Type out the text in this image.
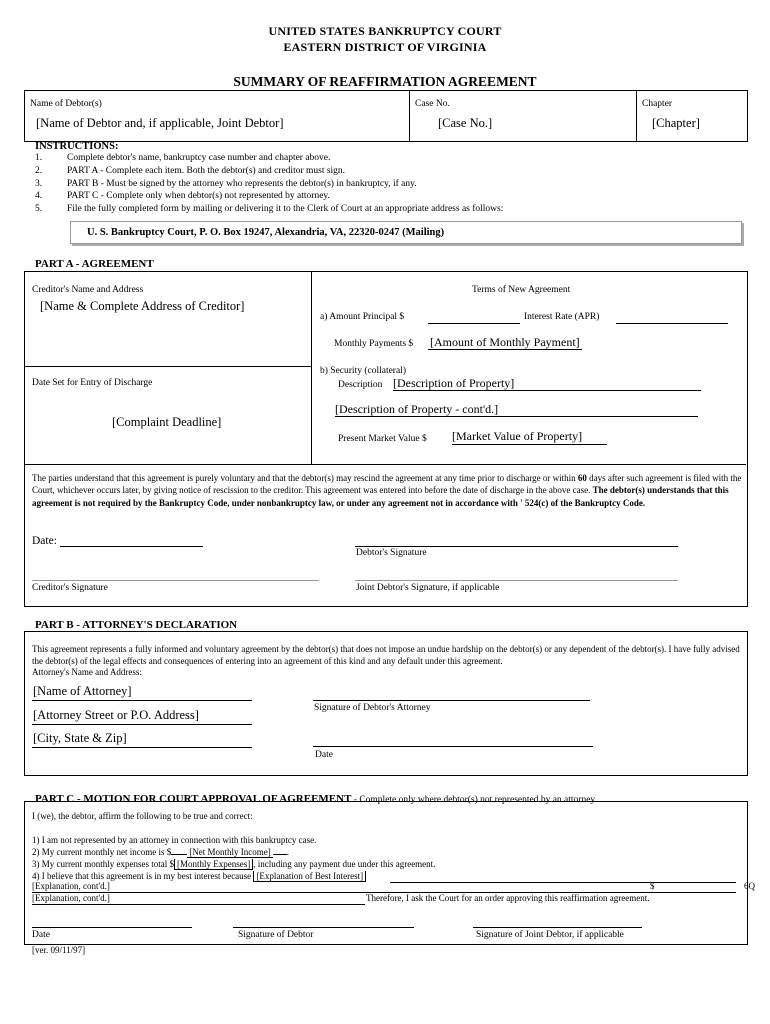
UNITED STATES BANKRUPTCY COURT
EASTERN DISTRICT OF VIRGINIA
SUMMARY OF REAFFIRMATION AGREEMENT
Name of Debtor(s)
[Name of Debtor and, if applicable, Joint Debtor]
Case No.
[Case No.]
Chapter
[Chapter]
INSTRUCTIONS:
1.	Complete debtor's name, bankruptcy case number and chapter above.
2.	PART A - Complete each item. Both the debtor(s) and creditor must sign.
3.	PART B - Must be signed by the attorney who represents the debtor(s) in bankruptcy, if any.
4.	PART C - Complete only when debtor(s) not represented by attorney.
5.	File the fully completed form by mailing or delivering it to the Clerk of Court at an appropriate address as follows:
U. S. Bankruptcy Court, P. O. Box 19247, Alexandria, VA, 22320-0247 (Mailing)
PART A - AGREEMENT
Creditor's Name and Address
[Name & Complete Address of Creditor]
Date Set for Entry of Discharge
[Complaint Deadline]
Terms of New Agreement
a) Amount Principal $	Interest Rate (APR)
Monthly Payments $ [Amount of Monthly Payment]
b) Security (collateral)
Description [Description of Property]
[Description of Property - cont'd.]
Present Market Value $ [Market Value of Property]
The parties understand that this agreement is purely voluntary and that the debtor(s) may rescind the agreement at any time prior to discharge or within 60 days after such agreement is filed with the Court, whichever occurs later, by giving notice of rescission to the creditor. This agreement was entered into before the date of discharge in the above case. The debtor(s) understands that this agreement is not required by the Bankruptcy Code, under nonbankruptcy law, or under any agreement not in accordance with ' 524(c) of the Bankruptcy Code.
Date:
Debtor's Signature
Creditor's Signature	Joint Debtor's Signature, if applicable
PART B - ATTORNEY'S DECLARATION
This agreement represents a fully informed and voluntary agreement by the debtor(s) that does not impose an undue hardship on the debtor(s) or any dependent of the debtor(s). I have fully advised the debtor(s) of the legal effects and consequences of entering into an agreement of this kind and any default under this agreement.
Attorney's Name and Address:
[Name of Attorney]
[Attorney Street or P.O. Address]
[City, State & Zip]
Signature of Debtor's Attorney
Date
PART C - MOTION FOR COURT APPROVAL OF AGREEMENT - Complete only where debtor(s) not represented by an attorney.
I (we), the debtor, affirm the following to be true and correct:
1) I am not represented by an attorney in connection with this bankruptcy case.
2) My current monthly net income is $ [Net Monthly Income] .
3) My current monthly expenses total $ [Monthly Expenses] , including any payment due under this agreement.
4) I believe that this agreement is in my best interest because [Explanation of Best Interest]
[Explanation, cont'd.]	$	6Q
[Explanation, cont'd.]	Therefore, I ask the Court for an order approving this reaffirmation agreement.
Date	Signature of Debtor	Signature of Joint Debtor, if applicable
[ver. 09/11/97]
